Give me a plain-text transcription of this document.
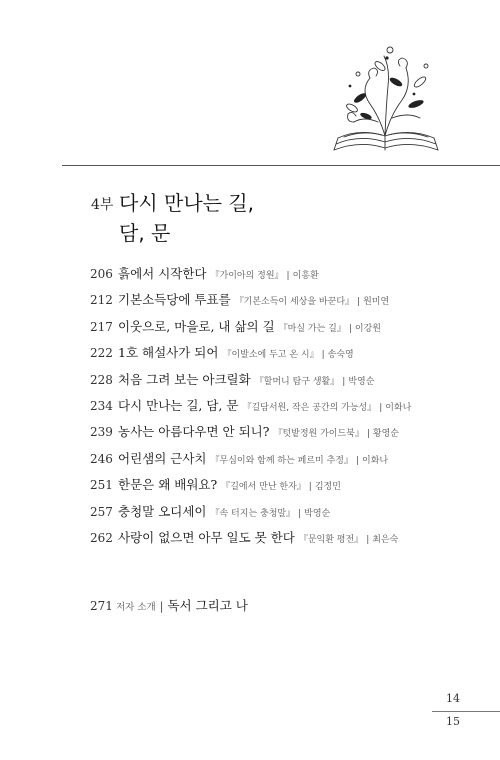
4부 다시 만나는 길,
담, 문
206 흙에서 시작한다 『가이아의 정원』 | 이흥환
212 기본소득당에 투표를 『기본소득이 세상을 바꾼다』 | 원미연
217 이웃으로, 마을로, 내 삶의 길 『마실 가는 길』 | 이강원
222 1호 해설사가 되어 『이발소에 두고 온 시』 | 송숙영
228 처음 그려 보는 아크릴화 『할머니 탐구 생활』 | 박영순
234 다시 만나는 길, 담, 문 『길담서원, 작은 공간의 가능성』 | 이화나
239 농사는 아름다우면 안 되니? 『텃밭정원 가이드북』 | 황영순
246 어린샘의 근사치 『무심이와 함께 하는 페르미 추정』 | 이화나
251 한문은 왜 배워요? 『길에서 만난 한자』 | 김정민
257 충청말 오디세이 『속 터지는 충청말』 | 박영순
262 사랑이 없으면 아무 일도 못 한다 『문익환 평전』 | 최은숙
271 저자 소개 | 독서 그리고 나
14
15
